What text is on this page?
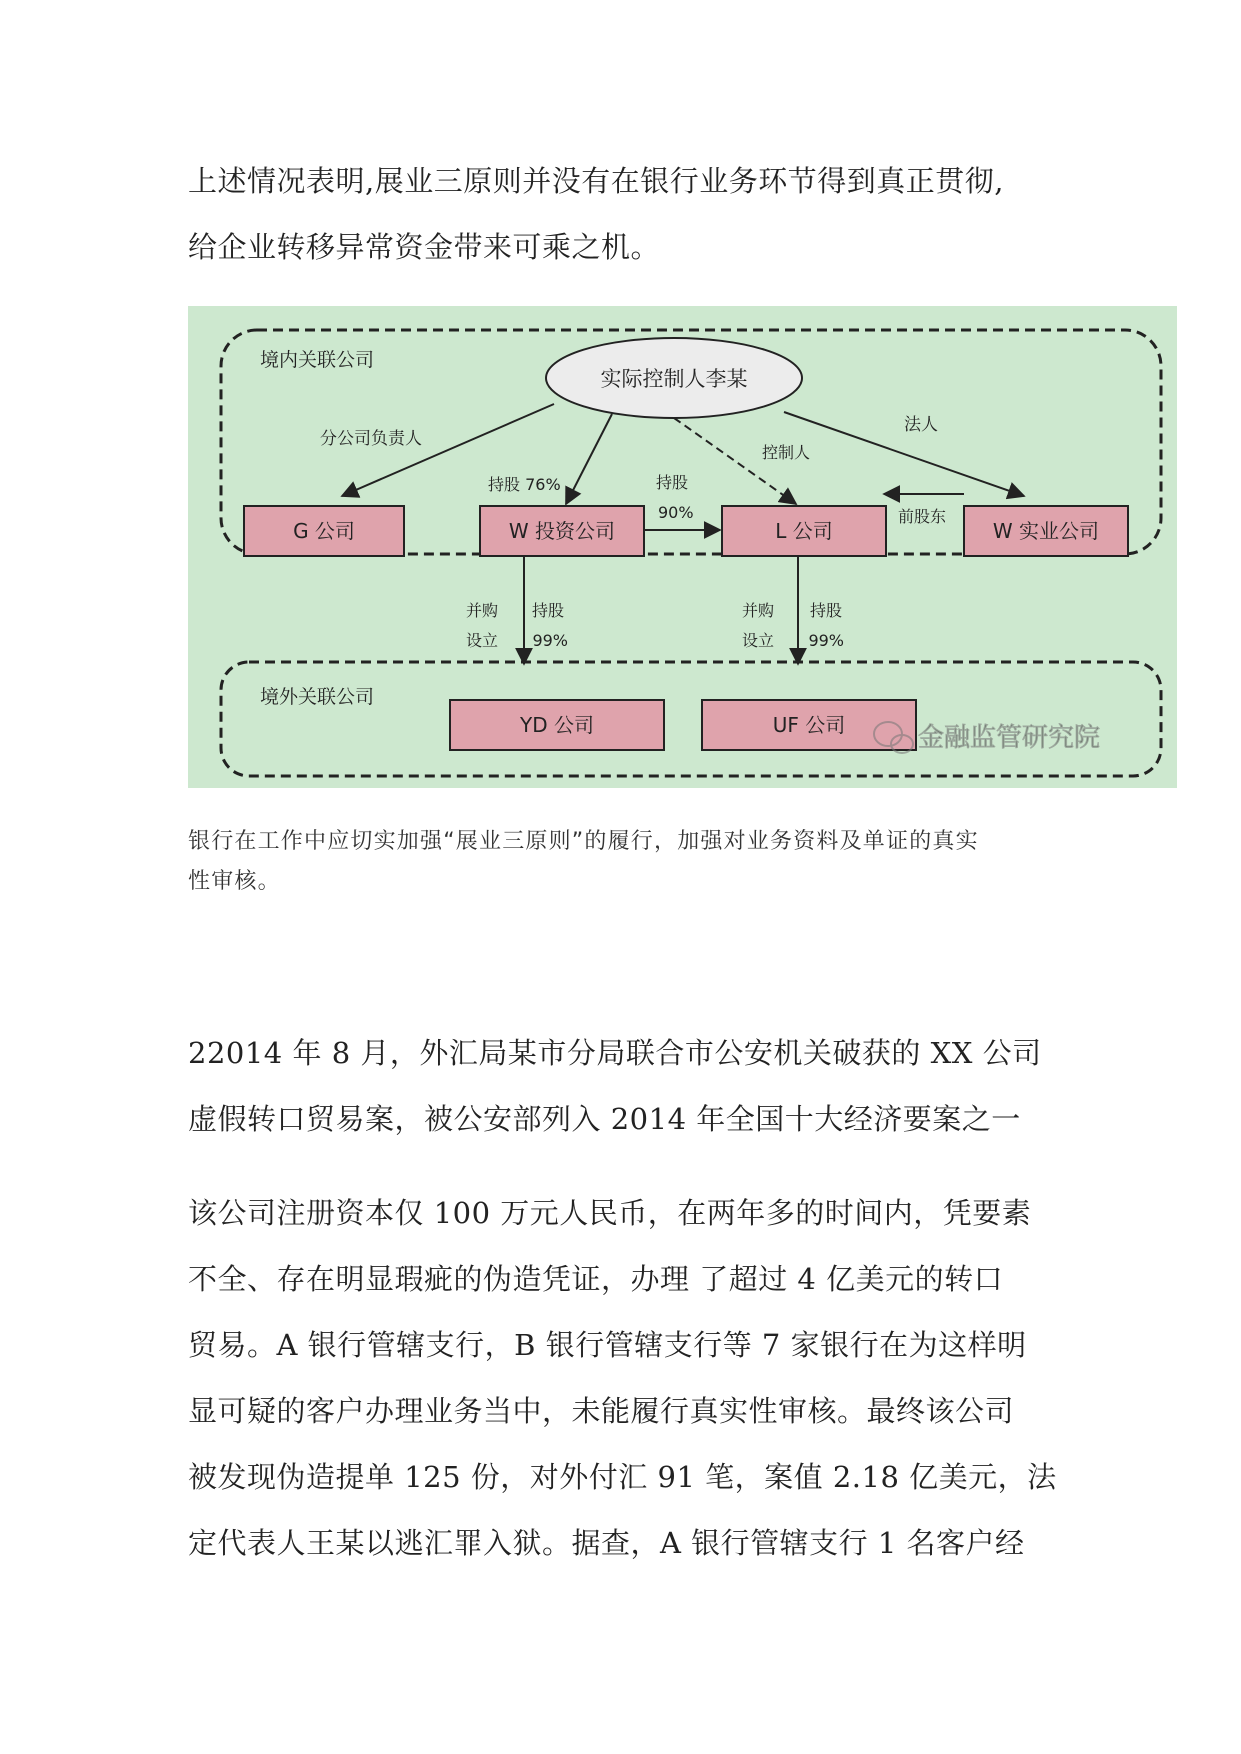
上述情况表明,展业三原则并没有在银行业务环节得到真正贯彻,

给企业转移异常资金带来可乘之机。

境内关联公司
境外关联公司
实际控制人李某
分公司负责人
持股 76%	持股
90%
控制人
法人
前股东
并购
设立
持股
99%
并购
设立
持股
99%
G 公司	W 投资公司	L 公司	W 实业公司
YD 公司	UF 公司	金融监管研究院

银行在工作中应切实加强“展业三原则”的履行，加强对业务资料及单证的真实

性审核。

22014 年 8 月，外汇局某市分局联合市公安机关破获的 XX 公司

虚假转口贸易案，被公安部列入 2014 年全国十大经济要案之一

该公司注册资本仅 100 万元人民币，在两年多的时间内，凭要素

不全、存在明显瑕疵的伪造凭证，办理 了超过 4 亿美元的转口

贸易。A 银行管辖支行，B 银行管辖支行等 7 家银行在为这样明

显可疑的客户办理业务当中，未能履行真实性审核。最终该公司

被发现伪造提单 125 份，对外付汇 91 笔，案值 2.18 亿美元，法

定代表人王某以逃汇罪入狱。据查，A 银行管辖支行 1 名客户经
